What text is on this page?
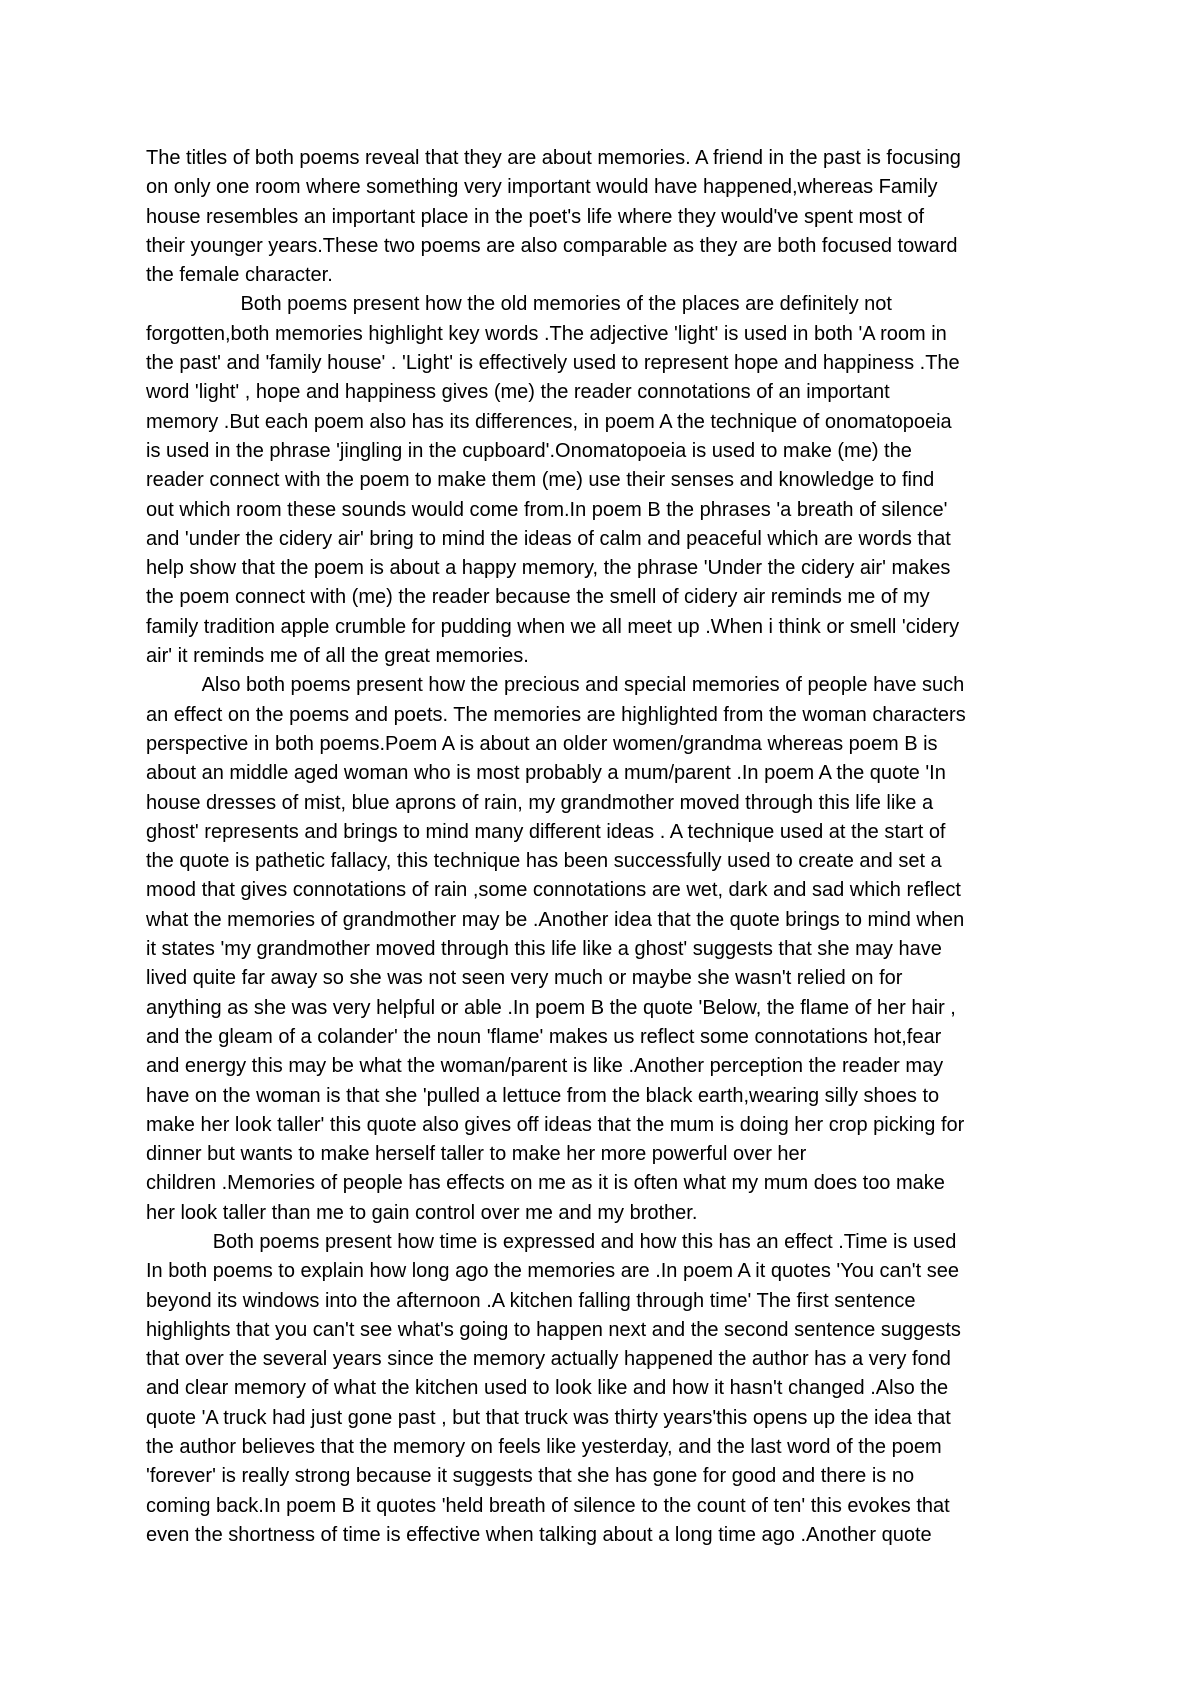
The titles of both poems reveal that they are about memories. A friend in the past is focusing
on only one room where something very important would have happened,whereas Family
house resembles an important place in the poet's life where they would've spent most of
their younger years.These two poems are also comparable as they are both focused toward
the female character.

Both poems present how the old memories of the places are definitely not
forgotten,both memories highlight key words .The adjective 'light' is used in both 'A room in
the past' and 'family house' . 'Light' is effectively used to represent hope and happiness .The
word 'light' , hope and happiness gives (me) the reader connotations of an important
memory .But each poem also has its differences, in poem A the technique of onomatopoeia
is used in the phrase 'jingling in the cupboard'.Onomatopoeia is used to make (me) the
reader connect with the poem to make them (me) use their senses and knowledge to find
out which room these sounds would come from.In poem B the phrases 'a breath of silence'
and 'under the cidery air' bring to mind the ideas of calm and peaceful which are words that
help show that the poem is about a happy memory, the phrase 'Under the cidery air' makes
the poem connect with (me) the reader because the smell of cidery air reminds me of my
family tradition apple crumble for pudding when we all meet up .When i think or smell 'cidery
air' it reminds me of all the great memories.

Also both poems present how the precious and special memories of people have such
an effect on the poems and poets. The memories are highlighted from the woman characters
perspective in both poems.Poem A is about an older women/grandma whereas poem B is
about an middle aged woman who is most probably a mum/parent .In poem A the quote 'In
house dresses of mist, blue aprons of rain, my grandmother moved through this life like a
ghost' represents and brings to mind many different ideas . A technique used at the start of
the quote is pathetic fallacy, this technique has been successfully used to create and set a
mood that gives connotations of rain ,some connotations are wet, dark and sad which reflect
what the memories of grandmother may be .Another idea that the quote brings to mind when
it states 'my grandmother moved through this life like a ghost' suggests that she may have
lived quite far away so she was not seen very much or maybe she wasn't relied on for
anything as she was very helpful or able .In poem B the quote 'Below, the flame of her hair ,
and the gleam of a colander' the noun 'flame' makes us reflect some connotations hot,fear
and energy this may be what the woman/parent is like .Another perception the reader may
have on the woman is that she 'pulled a lettuce from the black earth,wearing silly shoes to
make her look taller' this quote also gives off ideas that the mum is doing her crop picking for
dinner but wants to make herself taller to make her more powerful over her
children .Memories of people has effects on me as it is often what my mum does too make
her look taller than me to gain control over me and my brother.

Both poems present how time is expressed and how this has an effect .Time is used
In both poems to explain how long ago the memories are .In poem A it quotes 'You can't see
beyond its windows into the afternoon .A kitchen falling through time' The first sentence
highlights that you can't see what's going to happen next and the second sentence suggests
that over the several years since the memory actually happened the author has a very fond
and clear memory of what the kitchen used to look like and how it hasn't changed .Also the
quote 'A truck had just gone past , but that truck was thirty years'this opens up the idea that
the author believes that the memory on feels like yesterday, and the last word of the poem
'forever' is really strong because it suggests that she has gone for good and there is no
coming back.In poem B it quotes 'held breath of silence to the count of ten' this evokes that
even the shortness of time is effective when talking about a long time ago .Another quote
